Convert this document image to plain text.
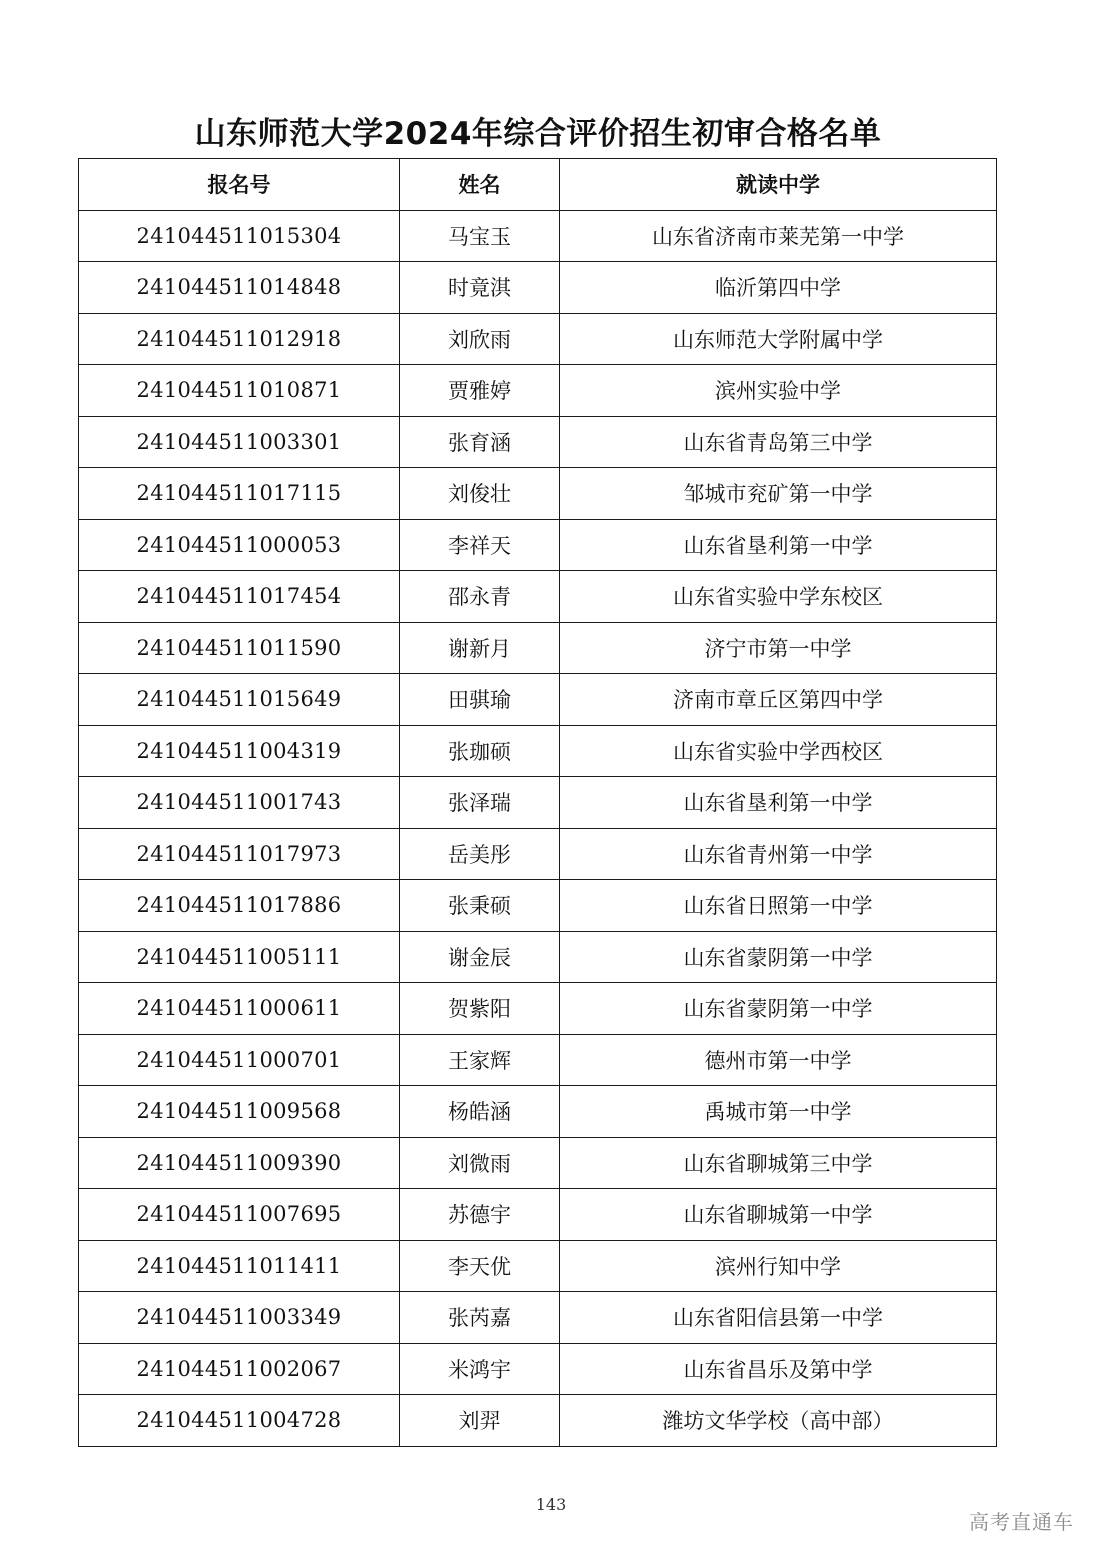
山东师范大学2024年综合评价招生初审合格名单
报名号	姓名	就读中学
241044511015304	马宝玉	山东省济南市莱芜第一中学
241044511014848	时竟淇	临沂第四中学
241044511012918	刘欣雨	山东师范大学附属中学
241044511010871	贾雅婷	滨州实验中学
241044511003301	张育涵	山东省青岛第三中学
241044511017115	刘俊壮	邹城市兖矿第一中学
241044511000053	李祥天	山东省垦利第一中学
241044511017454	邵永青	山东省实验中学东校区
241044511011590	谢新月	济宁市第一中学
241044511015649	田骐瑜	济南市章丘区第四中学
241044511004319	张珈硕	山东省实验中学西校区
241044511001743	张泽瑞	山东省垦利第一中学
241044511017973	岳美彤	山东省青州第一中学
241044511017886	张秉硕	山东省日照第一中学
241044511005111	谢金辰	山东省蒙阴第一中学
241044511000611	贺紫阳	山东省蒙阴第一中学
241044511000701	王家辉	德州市第一中学
241044511009568	杨皓涵	禹城市第一中学
241044511009390	刘微雨	山东省聊城第三中学
241044511007695	苏德宇	山东省聊城第一中学
241044511011411	李天优	滨州行知中学
241044511003349	张芮嘉	山东省阳信县第一中学
241044511002067	米鸿宇	山东省昌乐及第中学
241044511004728	刘羿	潍坊文华学校（高中部）
143
高考直通车
